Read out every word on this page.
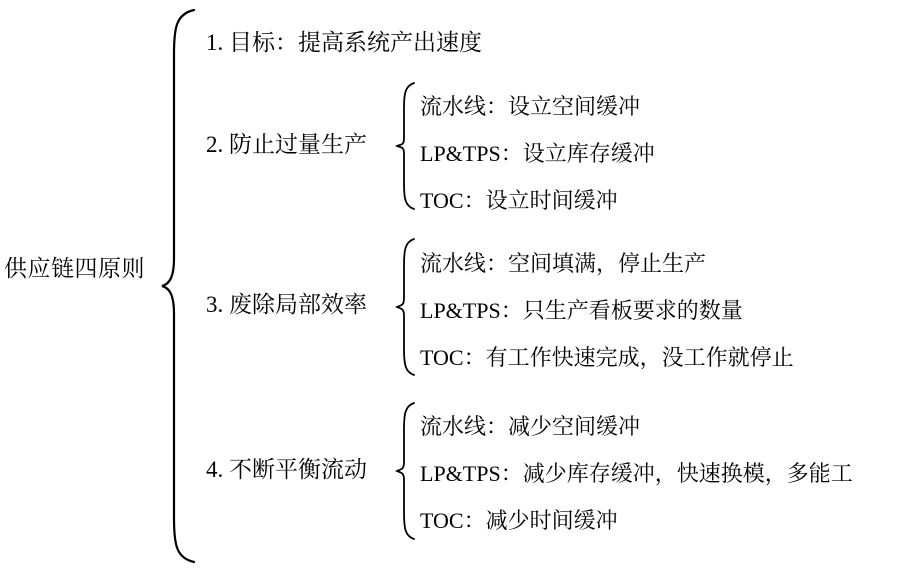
供应链四原则
1. 目标：提高系统产出速度
2. 防止过量生产
流水线：设立空间缓冲
LP&TPS：设立库存缓冲
TOC：设立时间缓冲
3. 废除局部效率
流水线：空间填满，停止生产
LP&TPS：只生产看板要求的数量
TOC：有工作快速完成，没工作就停止
4. 不断平衡流动
流水线：减少空间缓冲
LP&TPS：减少库存缓冲，快速换模，多能工
TOC：减少时间缓冲
